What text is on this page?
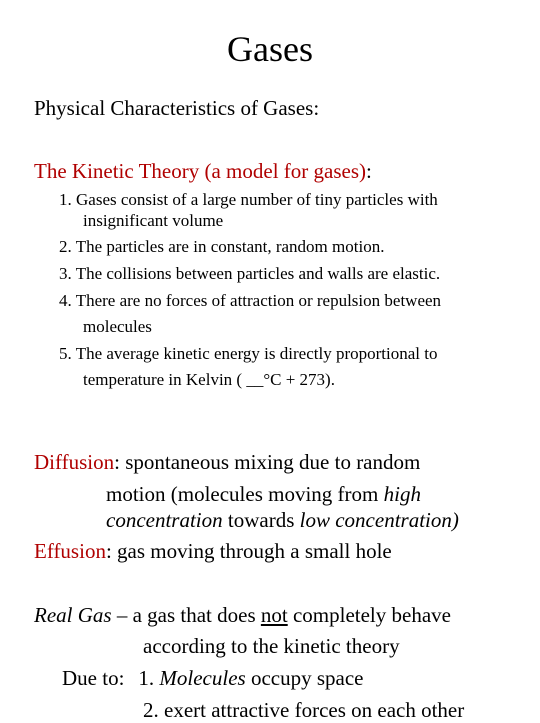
Gases
Physical Characteristics of Gases:
The Kinetic Theory (a model for gases):
1. Gases consist of a large number of tiny particles with
insignificant volume
2. The particles are in constant, random motion.
3. The collisions between particles and walls are elastic.
4. There are no forces of attraction or repulsion between
molecules
5. The average kinetic energy is directly proportional to
temperature in Kelvin ( __°C + 273).
Diffusion: spontaneous mixing due to random
motion (molecules moving from high
concentration towards low concentration)
Effusion: gas moving through a small hole
Real Gas – a gas that does not completely behave
according to the kinetic theory
Due to: 1. Molecules occupy space
2. exert attractive forces on each other
